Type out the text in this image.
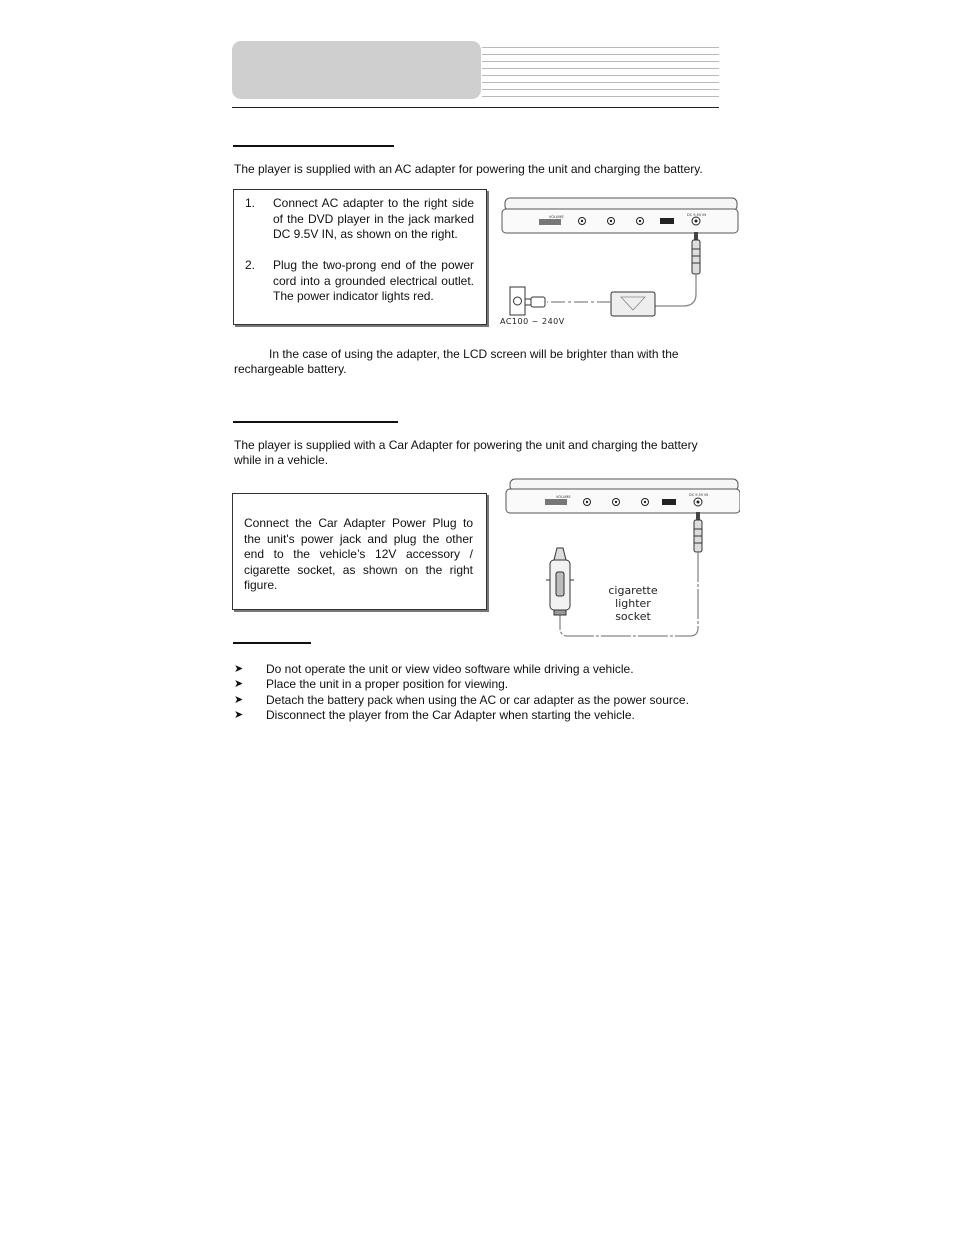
The player is supplied with an AC adapter for powering the unit and charging the battery.

1. Connect AC adapter to the right side of the DVD player in the jack marked DC 9.5V IN, as shown on the right.
2. Plug the two-prong end of the power cord into a grounded electrical outlet. The power indicator lights red.
VOLUME	DC 9.5V IN
AC100 ~ 240V

In the case of using the adapter, the LCD screen will be brighter than with the

rechargeable battery.

The player is supplied with a Car Adapter for powering the unit and charging the battery

while in a vehicle.

Connect the Car Adapter Power Plug to the unit's power jack and plug the other end to the vehicle’s 12V accessory / cigarette socket, as shown on the right figure.
VOLUME	DC 9.5V IN
cigarette
lighter
socket
➤	Do not operate the unit or view video software while driving a vehicle.
➤	Place the unit in a proper position for viewing.
➤	Detach the battery pack when using the AC or car adapter as the power source.
➤	Disconnect the player from the Car Adapter when starting the vehicle.
